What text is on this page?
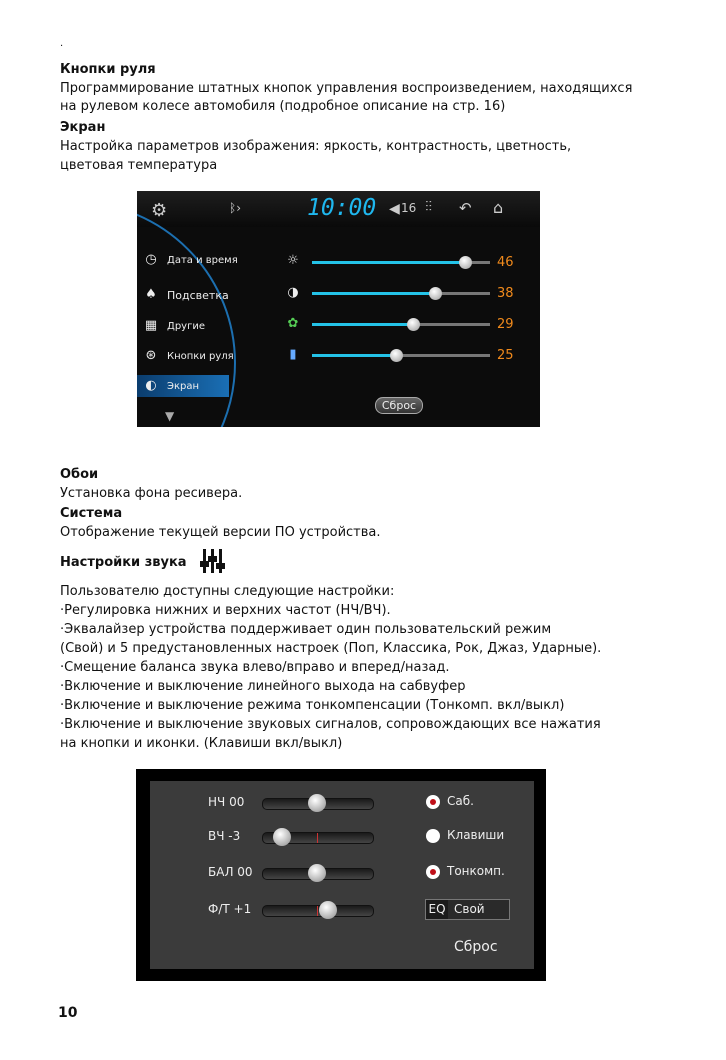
·
Кнопки руля
Программирование штатных кнопок управления воспроизведением, находящихся
на рулевом колесе автомобиля (подробное описание на стр. 16)
Экран
Настройка параметров изображения: яркость, контрастность, цветность,
цветовая температура
⚙	ᛒ›	10:00 ◀ 16 ⫶⫶ ↶ ⌂
◷ Дата и время
♠ Подсветка
▦ Другие
⊛ Кнопки руля
◐ Экран
▼
☼
◑
✿
▮
46
38
29
25
Сброс
Обои
Установка фона ресивера.
Система
Отображение текущей версии ПО устройства.
Настройки звука
Пользователю доступны следующие настройки:
·Регулировка нижних и верхних частот (НЧ/ВЧ).
·Эквалайзер устройства поддерживает один пользовательский режим
(Свой) и 5 предустановленных настроек (Поп, Классика, Рок, Джаз, Ударные).
·Смещение баланса звука влево/вправо и вперед/назад.
·Включение и выключение линейного выхода на сабвуфер
·Включение и выключение режима тонкомпенсации (Тонкомп. вкл/выкл)
·Включение и выключение звуковых сигналов, сопровождающих все нажатия
на кнопки и иконки. (Клавиши вкл/выкл)
Саб.
Клавиши
Тонкомп.
EQ Свой
Сброс
НЧ 00
ВЧ -3
БАЛ 00
Ф/Т +1
10
